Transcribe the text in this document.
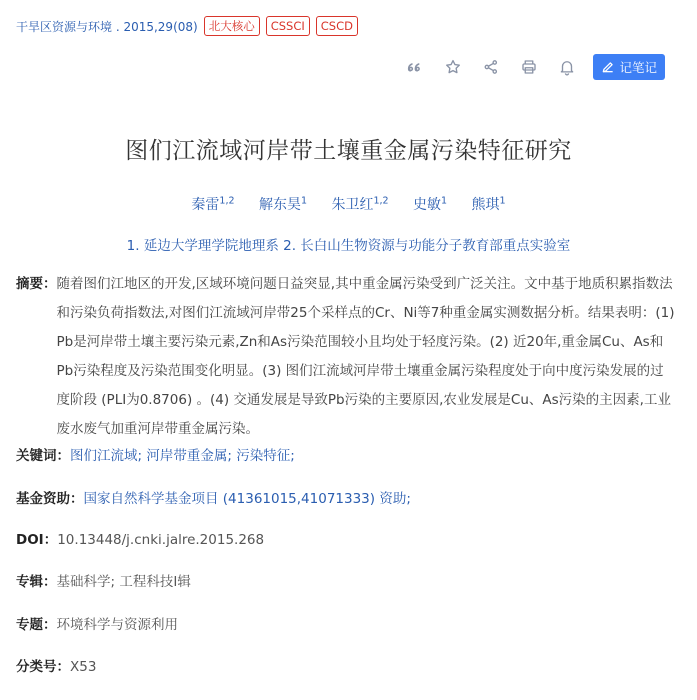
干旱区资源与环境 . 2015,29(08) 北大核心	CSSCI	CSCD
记笔记
图们江流域河岸带土壤重金属污染特征研究
秦雷$^{1,2}$ 解东昊$^1$ 朱卫红$^{1,2}$ 史敏$^1$ 熊琪$^1$
1. 延边大学理学院地理系 2. 长白山生物资源与功能分子教育部重点实验室
摘要： 随着图们江地区的开发,区域环境问题日益突显,其中重金属污染受到广泛关注。文中基于地质积累指数法和污染负荷指数法,对图们江流域河岸带25个采样点的Cr、Ni等7种重金属实测数据分析。结果表明：(1) Pb是河岸带土壤主要污染元素,Zn和As污染范围较小且均处于轻度污染。(2) 近20年,重金属Cu、As和Pb污染程度及污染范围变化明显。(3) 图们江流域河岸带土壤重金属污染程度处于向中度污染发展的过度阶段 (PLI为0.8706) 。(4) 交通发展是导致Pb污染的主要原因,农业发展是Cu、As污染的主因素,工业废水废气加重河岸带重金属污染。
关键词： 图们江流域; 河岸带重金属; 污染特征;
基金资助： 国家自然科学基金项目 (41361015,41071333) 资助;
DOI： 10.13448/j.cnki.jalre.2015.268
专辑： 基础科学; 工程科技Ⅰ辑
专题： 环境科学与资源利用
分类号： X53
